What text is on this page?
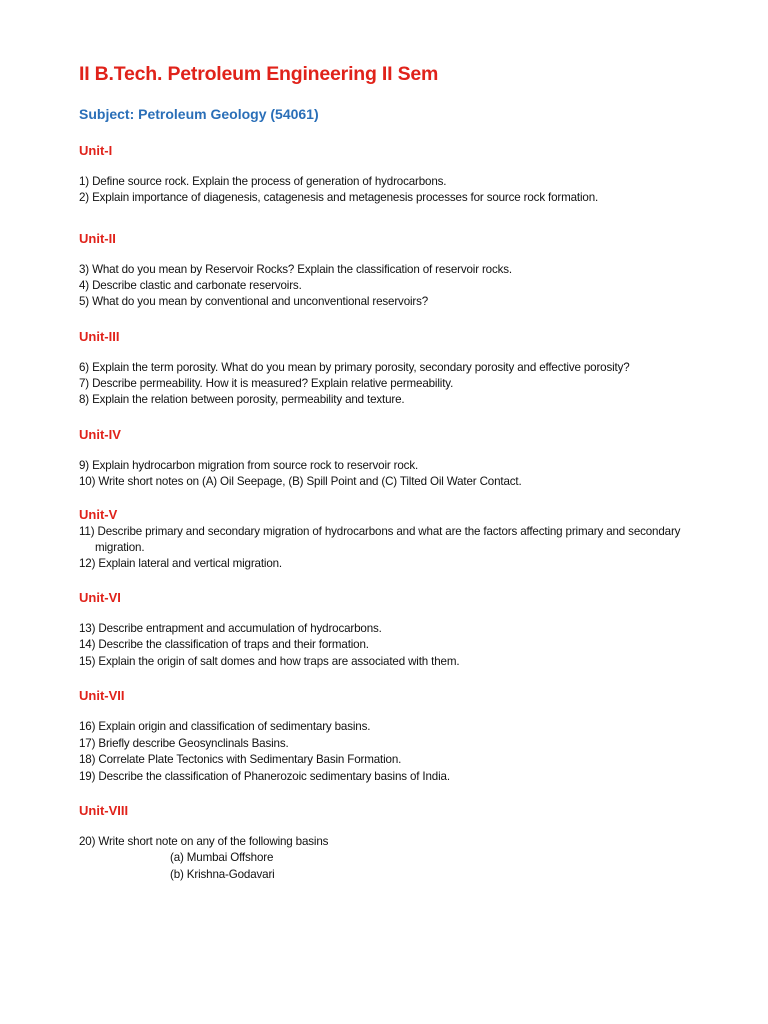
II B.Tech. Petroleum Engineering II Sem
Subject: Petroleum Geology (54061)
Unit-I
1) Define source rock. Explain the process of generation of hydrocarbons.
2) Explain importance of diagenesis, catagenesis and metagenesis processes for source rock formation.
Unit-II
3) What do you mean by Reservoir Rocks? Explain the classification of reservoir rocks.
4) Describe clastic and carbonate reservoirs.
5) What do you mean by conventional and unconventional reservoirs?
Unit-III
6) Explain the term porosity. What do you mean by primary porosity, secondary porosity and effective porosity?
7) Describe permeability. How it is measured? Explain relative permeability.
8) Explain the relation between porosity, permeability and texture.
Unit-IV
9) Explain hydrocarbon migration from source rock to reservoir rock.
10) Write short notes on (A) Oil Seepage, (B) Spill Point and (C) Tilted Oil Water Contact.
Unit-V
11) Describe primary and secondary migration of hydrocarbons and what are the factors affecting primary and secondary
migration.
12) Explain lateral and vertical migration.
Unit-VI
13) Describe entrapment and accumulation of hydrocarbons.
14) Describe the classification of traps and their formation.
15) Explain the origin of salt domes and how traps are associated with them.
Unit-VII
16) Explain origin and classification of sedimentary basins.
17) Briefly describe Geosynclinals Basins.
18) Correlate Plate Tectonics with Sedimentary Basin Formation.
19) Describe the classification of Phanerozoic sedimentary basins of India.
Unit-VIII
20) Write short note on any of the following basins
(a) Mumbai Offshore
(b) Krishna-Godavari
